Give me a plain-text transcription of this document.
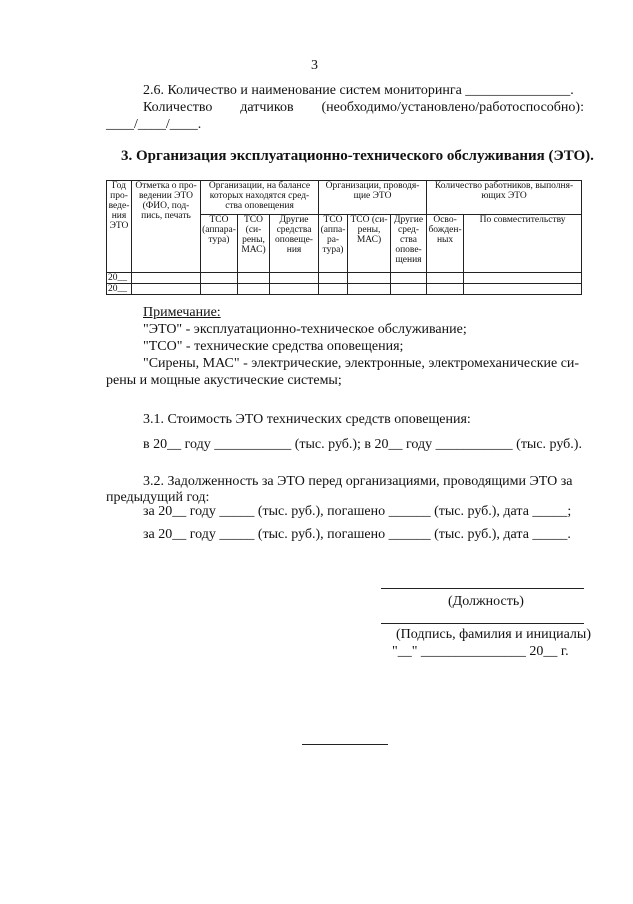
3
2.6. Количество и наименование систем мониторинга _______________.
Количество датчиков (необходимо/установлено/работоспособно):
____/____/____.
3. Организация эксплуатационно-технического обслуживания (ЭТО).
Год про-веде-ния ЭТО	Отметка о про-ведении ЭТО (ФИО, под-пись, печать	Организации, на балансе которых находятся сред-ства оповещения			Организации, проводя-щие ЭТО			Количество работников, выполня-ющих ЭТО	
		ТСО (аппара-тура)	ТСО (си-рены, МАС)	Другие средства оповеще-ния	ТСО (аппа-ра-тура)	ТСО (си-рены, МАС)	Другие сред-ства опове-щения	Осво-божден-ных	По совместительству
20__									
20__									
Примечание:
"ЭТО" - эксплуатационно-техническое обслуживание;
"ТСО" - технические средства оповещения;
"Сирены, МАС" - электрические, электронные, электромеханические си-
рены и мощные акустические системы;
3.1. Стоимость ЭТО технических средств оповещения:
в 20__ году ___________ (тыс. руб.); в 20__ году ___________ (тыс. руб.).
3.2. Задолженность за ЭТО перед организациями, проводящими ЭТО за
предыдущий год:
за 20__ году _____ (тыс. руб.), погашено ______ (тыс. руб.), дата _____;
за 20__ году _____ (тыс. руб.), погашено ______ (тыс. руб.), дата _____.
(Должность)
(Подпись, фамилия и инициалы)
"__" _______________ 20__ г.
